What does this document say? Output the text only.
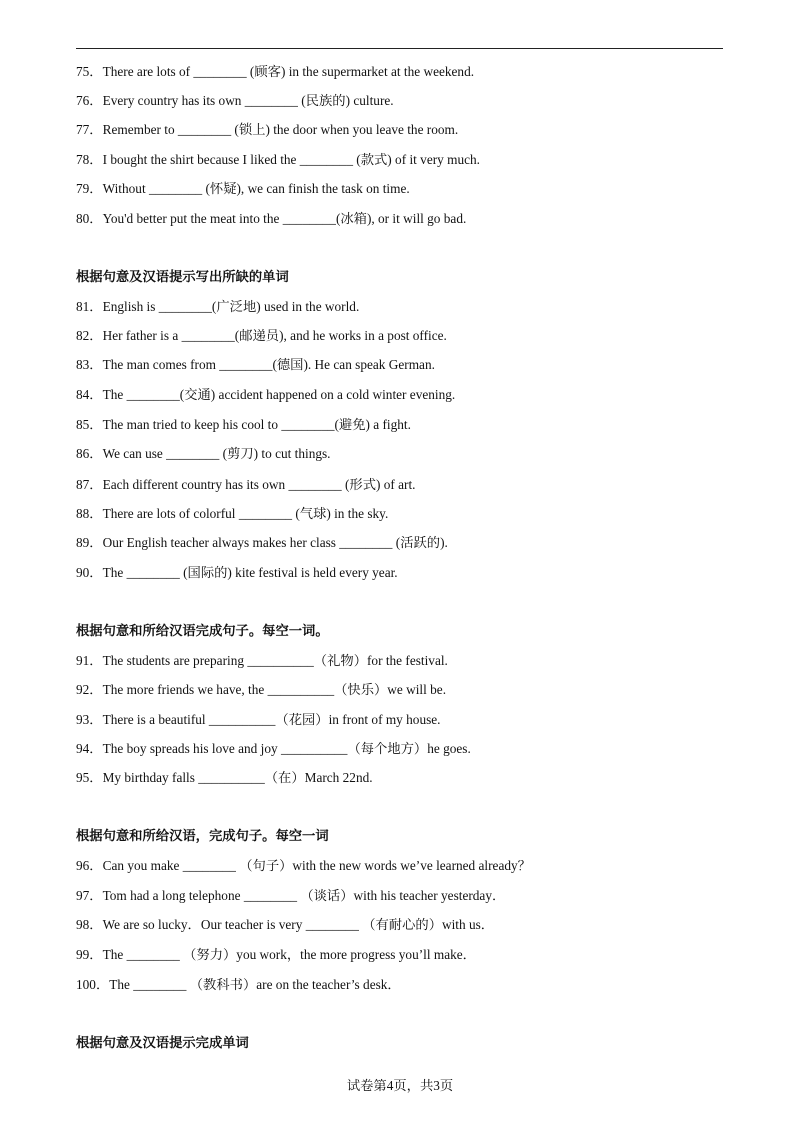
75．There are lots of ________ (顾客) in the supermarket at the weekend.
76．Every country has its own ________ (民族的) culture.
77．Remember to ________ (锁上) the door when you leave the room.
78．I bought the shirt because I liked the ________ (款式) of it very much.
79．Without ________ (怀疑), we can finish the task on time.
80．You'd better put the meat into the ________(冰箱), or it will go bad.
根据句意及汉语提示写出所缺的单词
81．English is ________(广泛地) used in the world.
82．Her father is a ________(邮递员), and he works in a post office.
83．The man comes from ________(德国). He can speak German.
84．The ________(交通) accident happened on a cold winter evening.
85．The man tried to keep his cool to ________(避免) a fight.
86．We can use ________ (剪刀) to cut things.
87．Each different country has its own ________ (形式) of art.
88．There are lots of colorful ________ (气球) in the sky.
89．Our English teacher always makes her class ________ (活跃的).
90．The ________ (国际的) kite festival is held every year.
根据句意和所给汉语完成句子。每空一词。
91．The students are preparing __________（礼物）for the festival.
92．The more friends we have, the __________（快乐）we will be.
93．There is a beautiful __________（花园）in front of my house.
94．The boy spreads his love and joy __________（每个地方）he goes.
95．My birthday falls __________（在）March 22nd.
根据句意和所给汉语，完成句子。每空一词
96．Can you make ________ （句子）with the new words we’ve learned already？
97．Tom had a long telephone ________ （谈话）with his teacher yesterday．
98．We are so lucky．Our teacher is very ________ （有耐心的）with us．
99．The ________ （努力）you work，the more progress you’ll make．
100．The ________ （教科书）are on the teacher’s desk．
根据句意及汉语提示完成单词
试卷第4页，共3页
